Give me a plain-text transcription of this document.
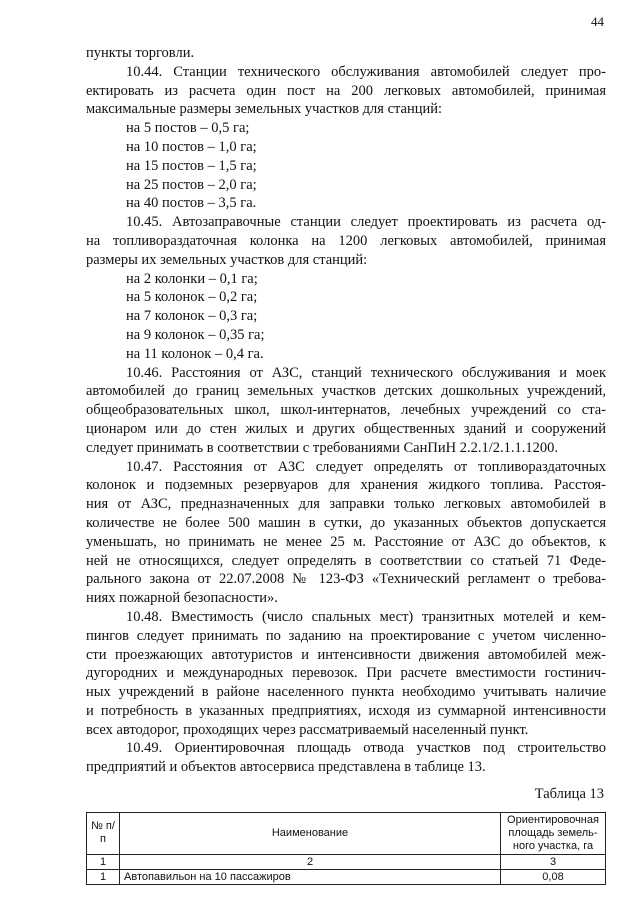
44
пункты торговли.
10.44. Станции технического обслуживания автомобилей следует про-
ектировать из расчета один пост на 200 легковых автомобилей, принимая
максимальные размеры земельных участков для станций:
на 5 постов – 0,5 га;
на 10 постов – 1,0 га;
на 15 постов – 1,5 га;
на 25 постов – 2,0 га;
на 40 постов – 3,5 га.
10.45. Автозаправочные станции следует проектировать из расчета од-
на топливораздаточная колонка на 1200 легковых автомобилей, принимая
размеры их земельных участков для станций:
на 2 колонки – 0,1 га;
на 5 колонок – 0,2 га;
на 7 колонок – 0,3 га;
на 9 колонок – 0,35 га;
на 11 колонок – 0,4 га.
10.46. Расстояния от АЗС, станций технического обслуживания и моек
автомобилей до границ земельных участков детских дошкольных учреждений,
общеобразовательных школ, школ-интернатов, лечебных учреждений со ста-
ционаром или до стен жилых и других общественных зданий и сооружений
следует принимать в соответствии с требованиями СанПиН 2.2.1/2.1.1.1200.
10.47. Расстояния от АЗС следует определять от топливораздаточных
колонок и подземных резервуаров для хранения жидкого топлива. Расстоя-
ния от АЗС, предназначенных для заправки только легковых автомобилей в
количестве не более 500 машин в сутки, до указанных объектов допускается
уменьшать, но принимать не менее 25 м. Расстояние от АЗС до объектов, к
ней не относящихся, следует определять в соответствии со статьей 71 Феде-
рального закона от 22.07.2008 № 123-ФЗ «Технический регламент о требова-
ниях пожарной безопасности».
10.48. Вместимость (число спальных мест) транзитных мотелей и кем-
пингов следует принимать по заданию на проектирование с учетом численно-
сти проезжающих автотуристов и интенсивности движения автомобилей меж-
дугородних и международных перевозок. При расчете вместимости гостинич-
ных учреждений в районе населенного пункта необходимо учитывать наличие
и потребность в указанных предприятиях, исходя из суммарной интенсивности
всех автодорог, проходящих через рассматриваемый населенный пункт.
10.49. Ориентировочная площадь отвода участков под строительство
предприятий и объектов автосервиса представлена в таблице 13.
Таблица 13
№ п/п	Наименование	Ориентировочная площадь земель-ного участка, га
1	2	3
1	Автопавильон на 10 пассажиров	0,08
